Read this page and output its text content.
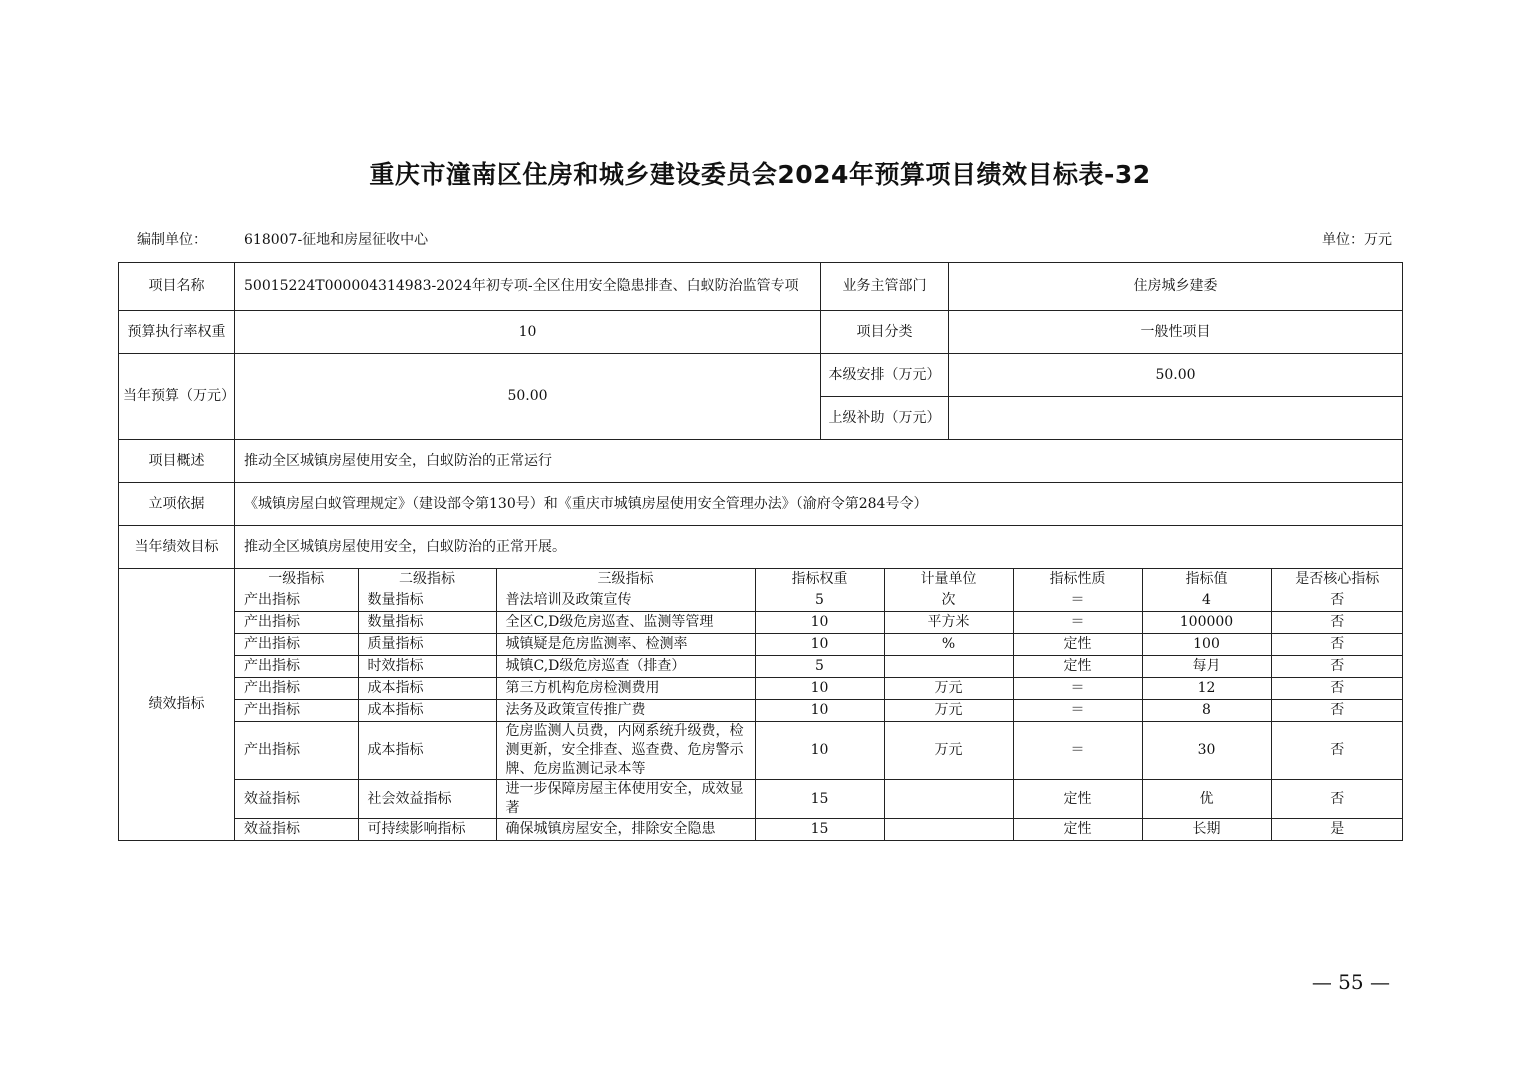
重庆市潼南区住房和城乡建设委员会2024年预算项目绩效目标表-32
编制单位：	618007-征地和房屋征收中心	单位：万元
项目名称	50015224T000004314983-2024年初专项-全区住用安全隐患排查、白蚁防治监管专项	业务主管部门	住房城乡建委
预算执行率权重	10	项目分类	一般性项目
当年预算（万元）	50.00	本级安排（万元）	50.00
上级补助（万元）	
项目概述	推动全区城镇房屋使用安全，白蚁防治的正常运行
立项依据	《城镇房屋白蚁管理规定》（建设部令第130号）和《重庆市城镇房屋使用安全管理办法》（渝府令第284号令）
当年绩效目标	推动全区城镇房屋使用安全，白蚁防治的正常开展。
绩效指标	
一级指标	二级指标	三级指标	指标权重	计量单位	指标性质	指标值	是否核心指标
产出指标	数量指标	普法培训及政策宣传	5	次	＝	4	否
产出指标	数量指标	全区C,D级危房巡查、监测等管理	10	平方米	＝	100000	否
产出指标	质量指标	城镇疑是危房监测率、检测率	10	%	定性	100	否
产出指标	时效指标	城镇C,D级危房巡查（排查）	5		定性	每月	否
产出指标	成本指标	第三方机构危房检测费用	10	万元	＝	12	否
产出指标	成本指标	法务及政策宣传推广费	10	万元	＝	8	否
产出指标	成本指标	危房监测人员费，内网系统升级费，检测更新，安全排查、巡查费、危房警示牌、危房监测记录本等	10	万元	＝	30	否
效益指标	社会效益指标	进一步保障房屋主体使用安全，成效显著	15		定性	优	否
效益指标	可持续影响指标	确保城镇房屋安全，排除安全隐患	15		定性	长期	是
— 55 —
